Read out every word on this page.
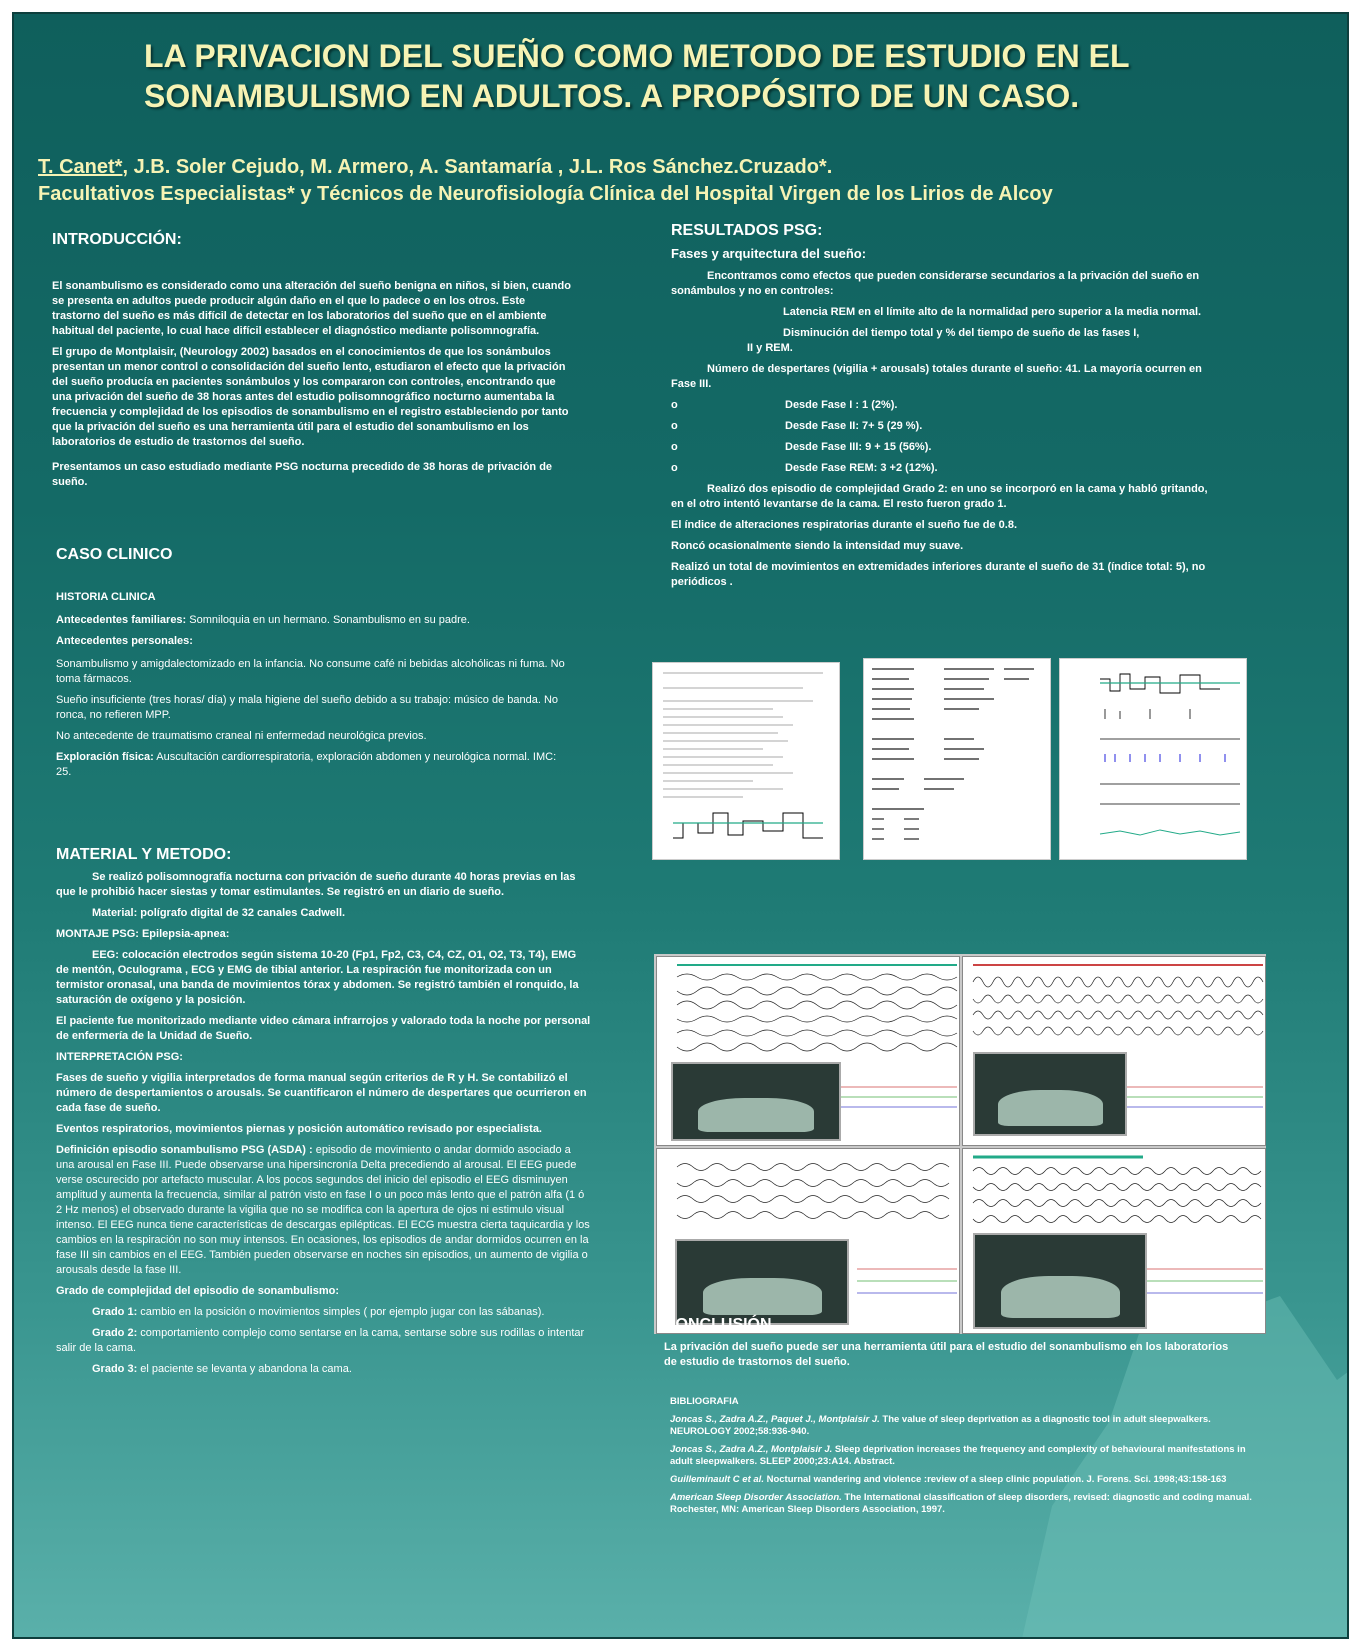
LA PRIVACION DEL SUEÑO COMO METODO DE ESTUDIO EN EL
SONAMBULISMO EN ADULTOS. A PROPÓSITO DE UN CASO.
T. Canet*, J.B. Soler Cejudo, M. Armero, A. Santamaría , J.L. Ros Sánchez.Cruzado*.
Facultativos Especialistas* y Técnicos de Neurofisiología Clínica del Hospital Virgen de los Lirios de Alcoy
INTRODUCCIÓN:

El sonambulismo es considerado como una alteración del sueño benigna en niños, si bien, cuando se presenta en adultos puede producir algún daño en el que lo padece o en los otros. Este trastorno del sueño es más difícil de detectar en los laboratorios del sueño que en el ambiente habitual del paciente, lo cual hace difícil establecer el diagnóstico mediante polisomnografía.

El grupo de Montplaisir, (Neurology 2002) basados en el conocimientos de que los sonámbulos presentan un menor control o consolidación del sueño lento, estudiaron el efecto que la privación del sueño producía en pacientes sonámbulos y los compararon con controles, encontrando que una privación del sueño de 38 horas antes del estudio polisomnográfico nocturno aumentaba la frecuencia y complejidad de los episodios de sonambulismo en el registro estableciendo por tanto que la privación del sueño es una herramienta útil para el estudio del sonambulismo en los laboratorios de estudio de trastornos del sueño.

Presentamos un caso estudiado mediante PSG nocturna precedido de 38 horas de privación de sueño.

CASO CLINICO

HISTORIA CLINICA

Antecedentes familiares: Somniloquia en un hermano. Sonambulismo en su padre.

Antecedentes personales:

Sonambulismo y amigdalectomizado en la infancia. No consume café ni bebidas alcohólicas ni fuma. No toma fármacos.

Sueño insuficiente (tres horas/ día) y mala higiene del sueño debido a su trabajo: músico de banda. No ronca, no refieren MPP.

No antecedente de traumatismo craneal ni enfermedad neurológica previos.

Exploración física: Auscultación cardiorrespiratoria, exploración abdomen y neurológica normal. IMC: 25.

MATERIAL Y METODO:

Se realizó polisomnografía nocturna con privación de sueño durante 40 horas previas en las que le prohibió hacer siestas y tomar estimulantes. Se registró en un diario de sueño.

Material: polígrafo digital de 32 canales Cadwell.

MONTAJE PSG: Epilepsia-apnea:

EEG: colocación electrodos según sistema 10-20 (Fp1, Fp2, C3, C4, CZ, O1, O2, T3, T4), EMG de mentón, Oculograma , ECG y EMG de tibial anterior. La respiración fue monitorizada con un termistor oronasal, una banda de movimientos tórax y abdomen. Se registró también el ronquido, la saturación de oxígeno y la posición.

El paciente fue monitorizado mediante video cámara infrarrojos y valorado toda la noche por personal de enfermería de la Unidad de Sueño.

INTERPRETACIÓN PSG:

Fases de sueño y vigilia interpretados de forma manual según criterios de R y H. Se contabilizó el número de despertamientos o arousals. Se cuantificaron el número de despertares que ocurrieron en cada fase de sueño.

Eventos respiratorios, movimientos piernas y posición automático revisado por especialista.

Definición episodio sonambulismo PSG (ASDA) : episodio de movimiento o andar dormido asociado a una arousal en Fase III. Puede observarse una hipersincronía Delta precediendo al arousal. El EEG puede verse oscurecido por artefacto muscular. A los pocos segundos del inicio del episodio el EEG disminuyen amplitud y aumenta la frecuencia, similar al patrón visto en fase I o un poco más lento que el patrón alfa (1 ó 2 Hz menos) el observado durante la vigilia que no se modifica con la apertura de ojos ni estimulo visual intenso. El EEG nunca tiene características de descargas epilépticas. El ECG muestra cierta taquicardia y los cambios en la respiración no son muy intensos. En ocasiones, los episodios de andar dormidos ocurren en la fase III sin cambios en el EEG. También pueden observarse en noches sin episodios, un aumento de vigilia o arousals desde la fase III.

Grado de complejidad del episodio de sonambulismo:

Grado 1: cambio en la posición o movimientos simples ( por ejemplo jugar con las sábanas).

Grado 2: comportamiento complejo como sentarse en la cama, sentarse sobre sus rodillas o intentar salir de la cama.

Grado 3: el paciente se levanta y abandona la cama.

RESULTADOS PSG:
Fases y arquitectura del sueño:

Encontramos como efectos que pueden considerarse secundarios a la privación del sueño en sonámbulos y no en controles:

Latencia REM en el límite alto de la normalidad pero superior a la media normal.

Disminución del tiempo total y % del tiempo de sueño de las fases I,
II y REM.

Número de despertares (vigilia + arousals) totales durante el sueño: 41. La mayoría ocurren en Fase III.

o	Desde Fase I : 1 (2%).
o	Desde Fase II: 7+ 5 (29 %).
o	Desde Fase III: 9 + 15 (56%).
o	Desde Fase REM: 3 +2 (12%).

Realizó dos episodio de complejidad Grado 2: en uno se incorporó en la cama y habló gritando, en el otro intentó levantarse de la cama. El resto fueron grado 1.

El índice de alteraciones respiratorias durante el sueño fue de 0.8.

Roncó ocasionalmente siendo la intensidad muy suave.

Realizó un total de movimientos en extremidades inferiores durante el sueño de 31 (índice total: 5), no periódicos .

CONCLUSIÓN

La privación del sueño puede ser una herramienta útil para el estudio del sonambulismo en los laboratorios de estudio de trastornos del sueño.

BIBLIOGRAFIA

Joncas S., Zadra A.Z., Paquet J., Montplaisir J. The value of sleep deprivation as a diagnostic tool in adult sleepwalkers. NEUROLOGY 2002;58:936-940.

Joncas S., Zadra A.Z., Montplaisir J. Sleep deprivation increases the frequency and complexity of behavioural manifestations in adult sleepwalkers. SLEEP 2000;23:A14. Abstract.

Guilleminault C et al. Nocturnal wandering and violence :review of a sleep clinic population. J. Forens. Sci. 1998;43:158-163

American Sleep Disorder Association. The International classification of sleep disorders, revised: diagnostic and coding manual. Rochester, MN: American Sleep Disorders Association, 1997.
